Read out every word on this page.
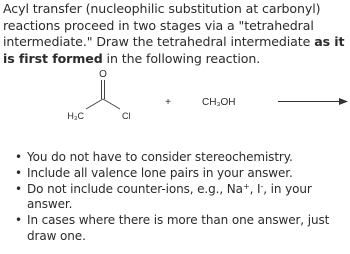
Acyl transfer (nucleophilic substitution at carbonyl) reactions proceed in two stages via a "tetrahedral intermediate." Draw the tetrahedral intermediate as it is first formed in the following reaction.
O
H₃C	Cl
+	CH₃OH
• You do not have to consider stereochemistry.
• Include all valence lone pairs in your answer.
• Do not include counter-ions, e.g., Na+, I-, in your answer.
• In cases where there is more than one answer, just draw one.
